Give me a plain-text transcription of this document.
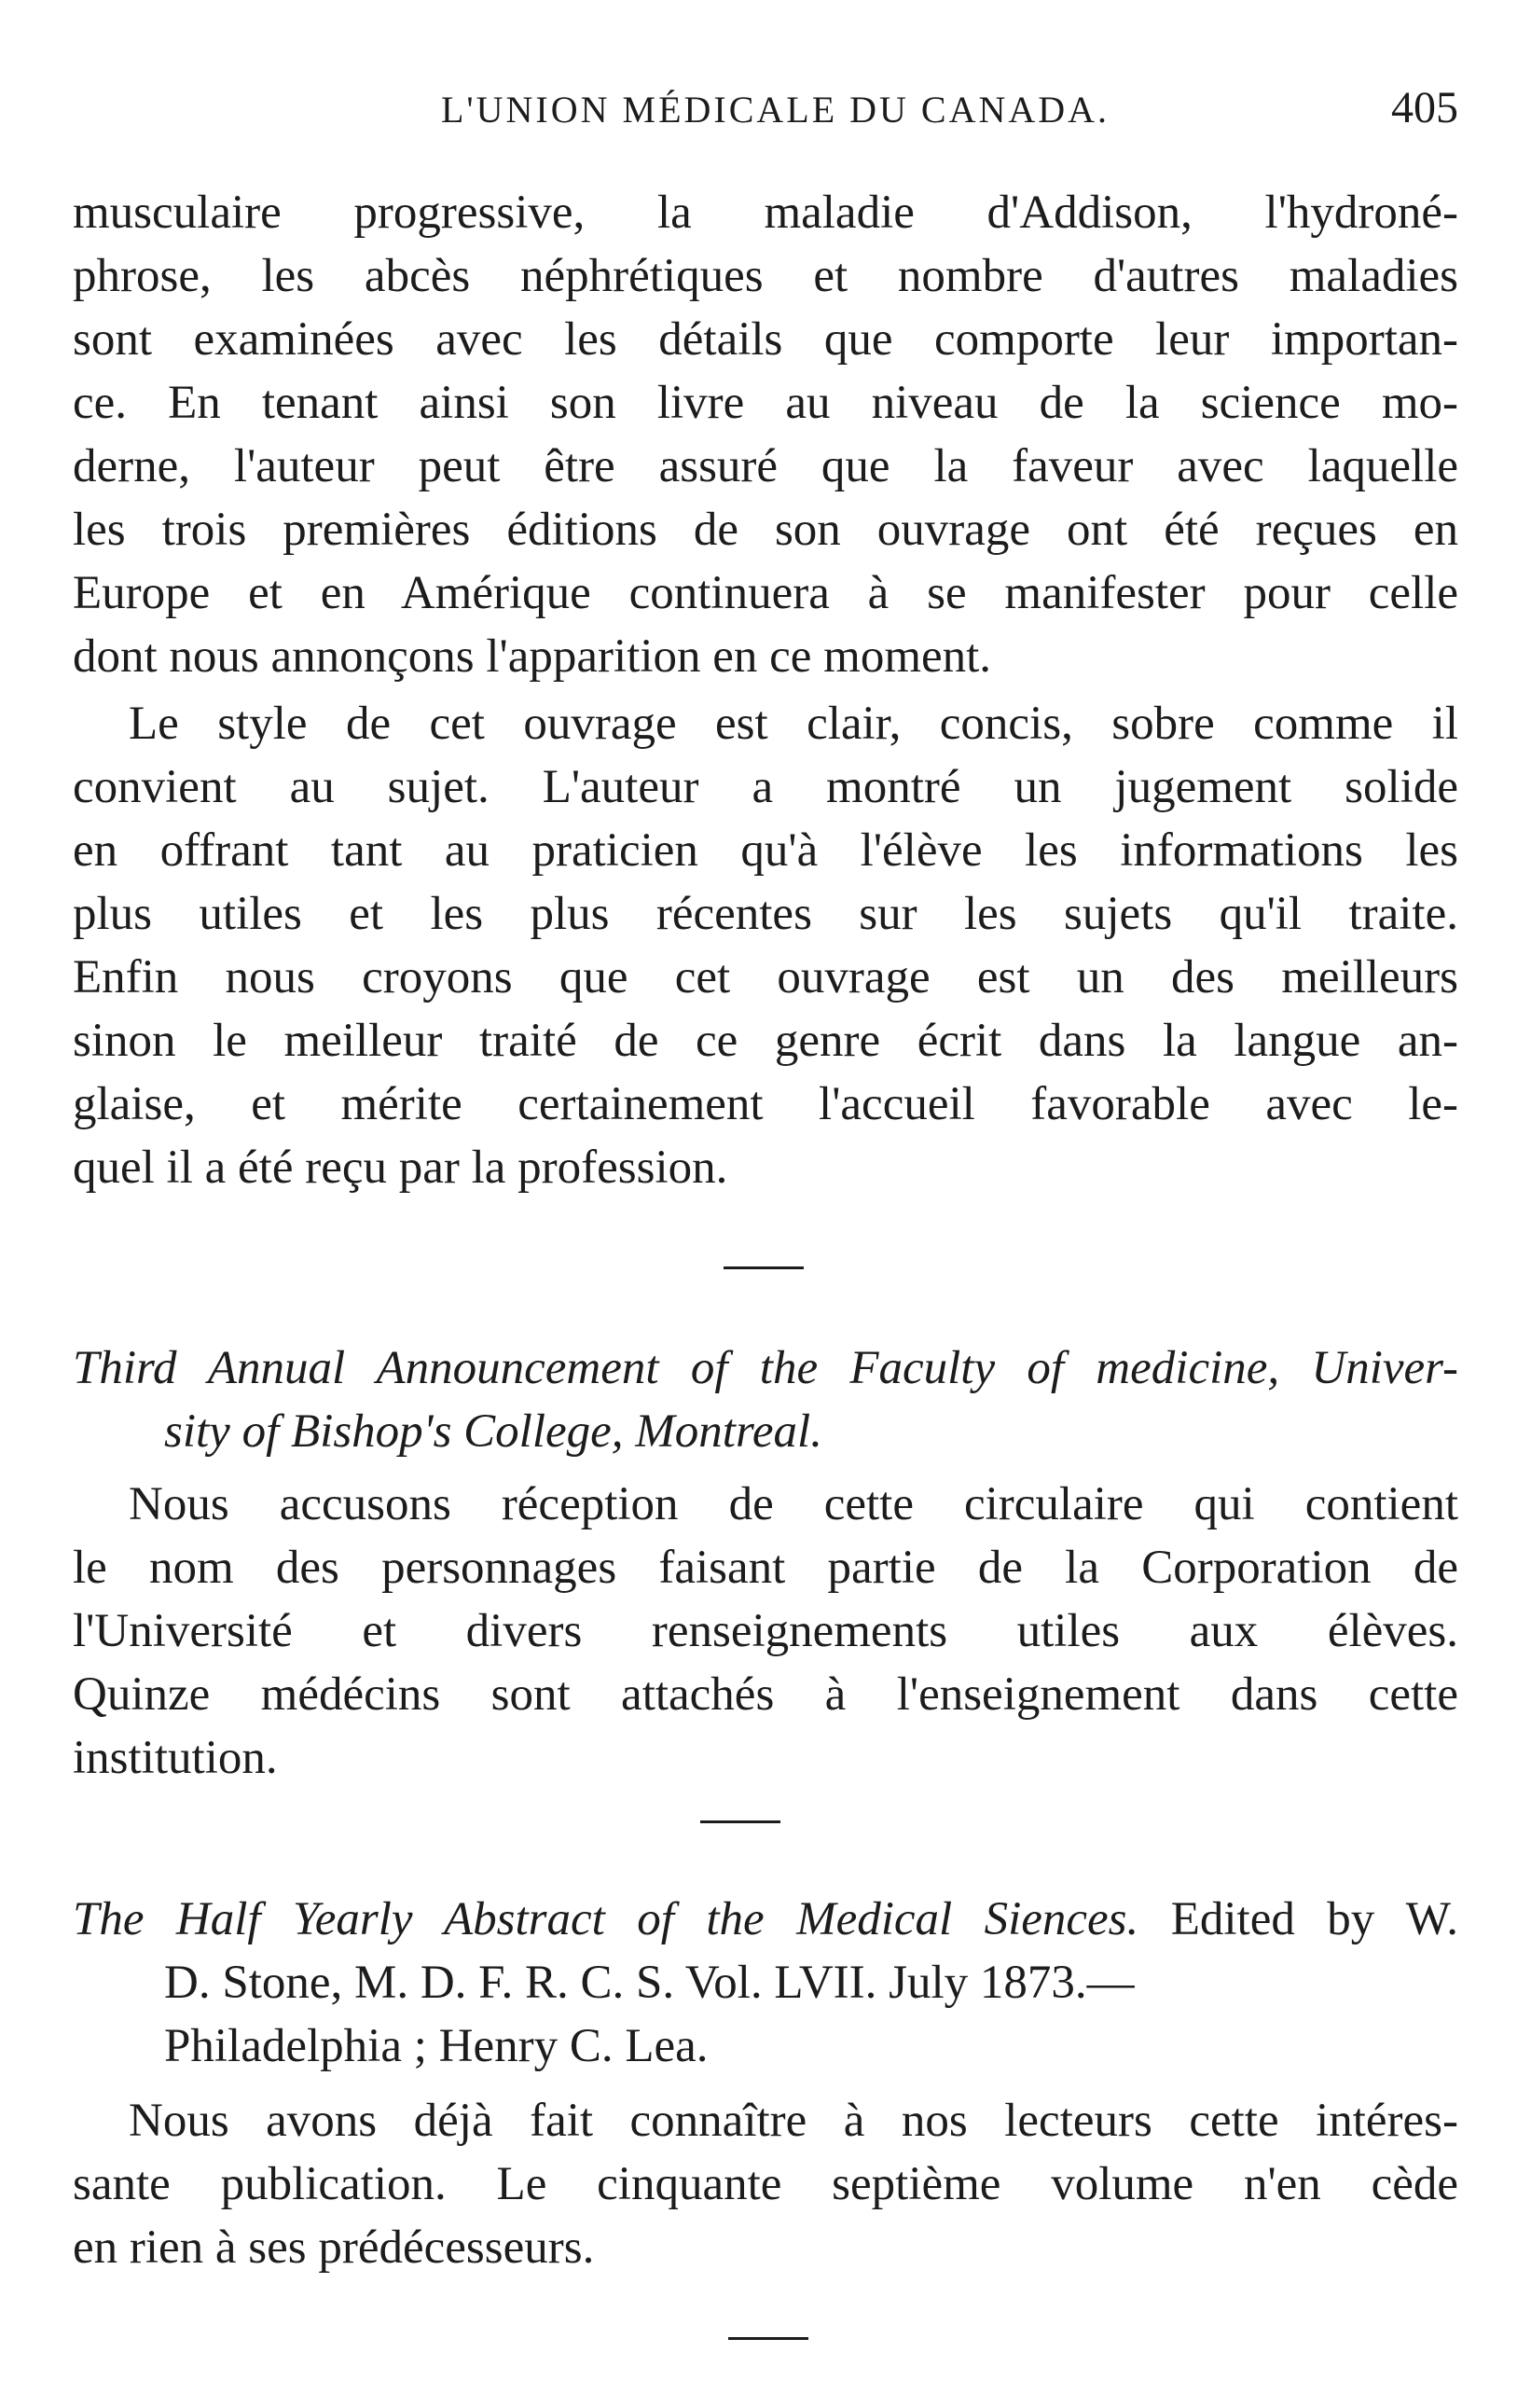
L'UNION MÉDICALE DU CANADA.	405
musculaire progressive, la maladie d'Addison, l'hydroné-
phrose, les abcès néphrétiques et nombre d'autres maladies
sont examinées avec les détails que comporte leur importan-
ce. En tenant ainsi son livre au niveau de la science mo-
derne, l'auteur peut être assuré que la faveur avec laquelle
les trois premières éditions de son ouvrage ont été reçues en
Europe et en Amérique continuera à se manifester pour celle
dont nous annonçons l'apparition en ce moment.
Le style de cet ouvrage est clair, concis, sobre comme il
convient au sujet. L'auteur a montré un jugement solide
en offrant tant au praticien qu'à l'élève les informations les
plus utiles et les plus récentes sur les sujets qu'il traite.
Enfin nous croyons que cet ouvrage est un des meilleurs
sinon le meilleur traité de ce genre écrit dans la langue an-
glaise, et mérite certainement l'accueil favorable avec le-
quel il a été reçu par la profession.
Third Annual Announcement of the Faculty of medicine, Univer-
sity of Bishop's College, Montreal.
Nous accusons réception de cette circulaire qui contient
le nom des personnages faisant partie de la Corporation de
l'Université et divers renseignements utiles aux élèves.
Quinze médécins sont attachés à l'enseignement dans cette
institution.
The Half Yearly Abstract of the Medical Siences. Edited by W.
D. Stone, M. D. F. R. C. S. Vol. LVII. July 1873.—
Philadelphia ; Henry C. Lea.
Nous avons déjà fait connaître à nos lecteurs cette intéres-
sante publication. Le cinquante septième volume n'en cède
en rien à ses prédécesseurs.
